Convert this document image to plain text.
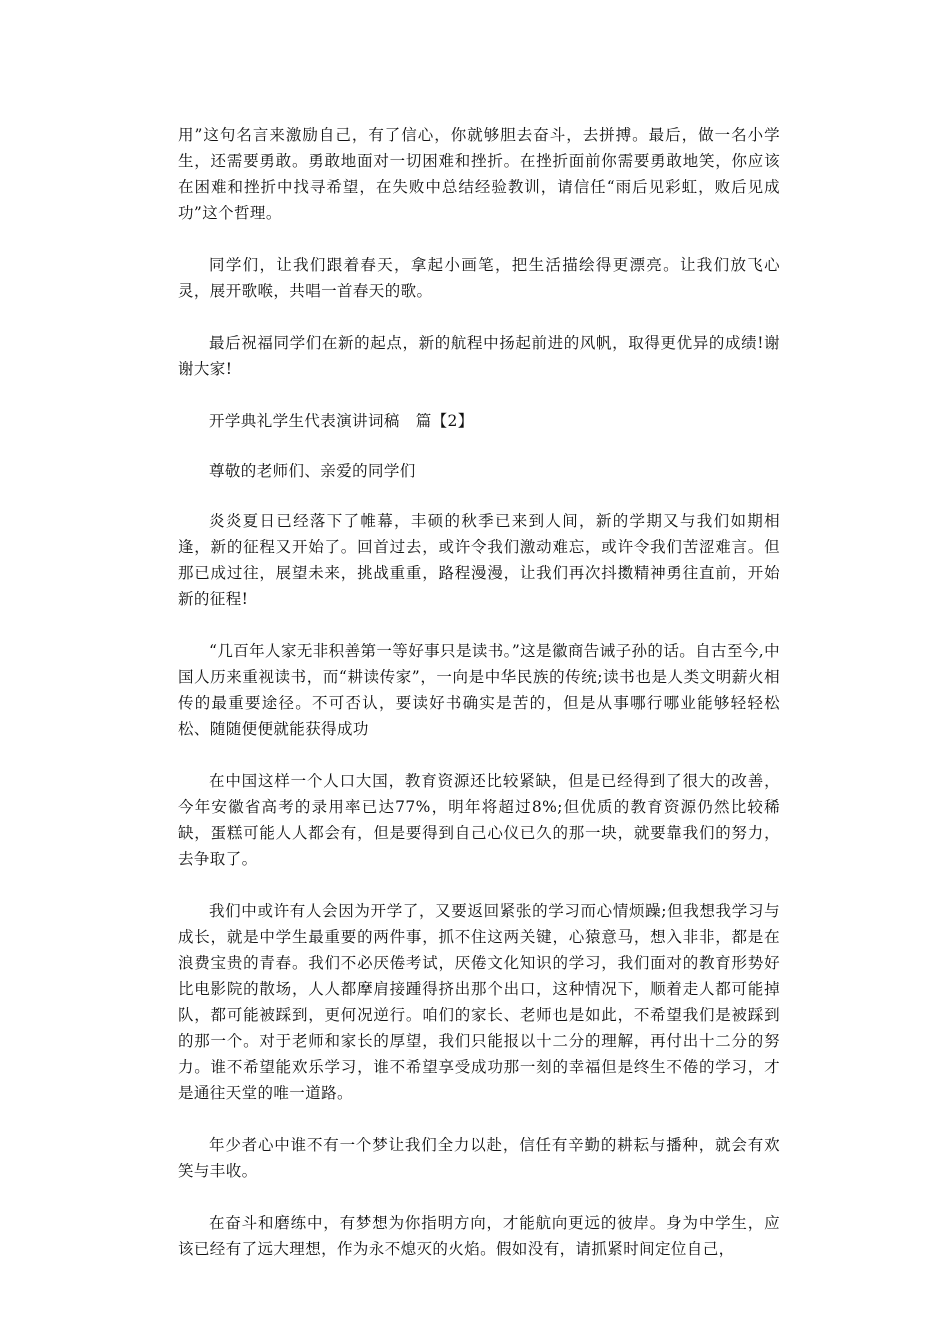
用”这句名言来激励自己，有了信心，你就够胆去奋斗，去拼搏。最后，做一名小学生，还需要勇敢。勇敢地面对一切困难和挫折。在挫折面前你需要勇敢地笑，你应该在困难和挫折中找寻希望，在失败中总结经验教训，请信任“雨后见彩虹，败后见成功”这个哲理。

同学们，让我们跟着春天，拿起小画笔，把生活描绘得更漂亮。让我们放飞心灵，展开歌喉，共唱一首春天的歌。

最后祝福同学们在新的起点，新的航程中扬起前进的风帆，取得更优异的成绩!谢谢大家!

开学典礼学生代表演讲词稿　篇【2】

尊敬的老师们、亲爱的同学们

炎炎夏日已经落下了帷幕，丰硕的秋季已来到人间，新的学期又与我们如期相逢，新的征程又开始了。回首过去，或许令我们激动难忘，或许令我们苦涩难言。但那已成过往，展望未来，挑战重重，路程漫漫，让我们再次抖擞精神勇往直前，开始新的征程!

“几百年人家无非积善第一等好事只是读书。”这是徽商告诫子孙的话。自古至今,中国人历来重视读书，而“耕读传家”，一向是中华民族的传统;读书也是人类文明薪火相传的最重要途径。不可否认，要读好书确实是苦的，但是从事哪行哪业能够轻轻松松、随随便便就能获得成功

在中国这样一个人口大国，教育资源还比较紧缺，但是已经得到了很大的改善，今年安徽省高考的录用率已达77%，明年将超过8%;但优质的教育资源仍然比较稀缺，蛋糕可能人人都会有，但是要得到自己心仪已久的那一块，就要靠我们的努力，去争取了。

我们中或许有人会因为开学了，又要返回紧张的学习而心情烦躁;但我想我学习与成长，就是中学生最重要的两件事，抓不住这两关键，心猿意马，想入非非，都是在浪费宝贵的青春。我们不必厌倦考试，厌倦文化知识的学习，我们面对的教育形势好比电影院的散场，人人都摩肩接踵得挤出那个出口，这种情况下，顺着走人都可能掉队，都可能被踩到，更何况逆行。咱们的家长、老师也是如此，不希望我们是被踩到的那一个。对于老师和家长的厚望，我们只能报以十二分的理解，再付出十二分的努力。谁不希望能欢乐学习，谁不希望享受成功那一刻的幸福但是终生不倦的学习，才是通往天堂的唯一道路。

年少者心中谁不有一个梦让我们全力以赴，信任有辛勤的耕耘与播种，就会有欢笑与丰收。

在奋斗和磨练中，有梦想为你指明方向，才能航向更远的彼岸。身为中学生，应该已经有了远大理想，作为永不熄灭的火焰。假如没有，请抓紧时间定位自己，
